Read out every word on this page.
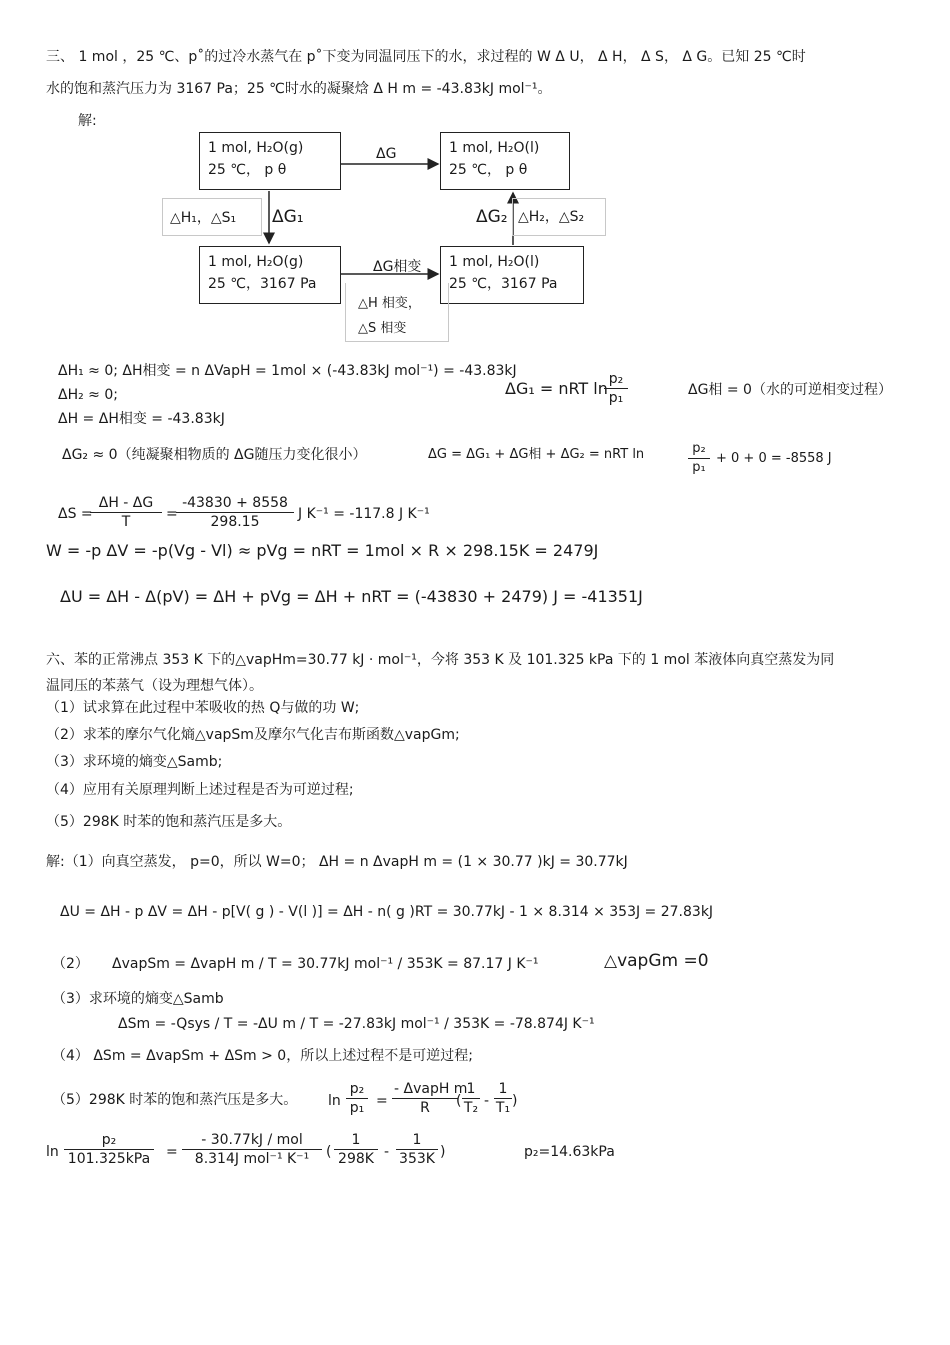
三、 1 mol ，25 ℃、p˚的过冷水蒸气在 p˚下变为同温同压下的水，求过程的 W Δ U， Δ H， Δ S， Δ G。已知 25 ℃时
水的饱和蒸汽压力为 3167 Pa；25 ℃时水的凝聚焓 Δ H m = -43.83kJ mol⁻¹。
解:
1 mol, H₂O(g)
25 ℃， p θ
1 mol, H₂O(l)
25 ℃， p θ
1 mol, H₂O(g)
25 ℃，3167 Pa
1 mol, H₂O(l)
25 ℃，3167 Pa
ΔG
△H₁，△S₁ ΔG₁	ΔG₂ △H₂，△S₂
ΔG相变
△H 相变，
△S 相变
ΔH₁ ≈ 0; ΔH相变 = n ΔVapH = 1mol × (-43.83kJ mol⁻¹) = -43.83kJ
ΔH₂ ≈ 0;
ΔH = ΔH相变 = -43.83kJ
ΔG₁ = nRT ln
$\frac{\text{p₂}}{\text{p₁}}$	ΔG相 = 0（水的可逆相变过程）
ΔG₂ ≈ 0（纯凝聚相物质的 ΔG随压力变化很小）	ΔG = ΔG₁ + ΔG相 + ΔG₂ = nRT ln	$\frac{\text{p₂}}{\text{p₁}} + 0 + 0 = -8558$ J
ΔS =
$\frac{\Delta H - \Delta G}{T}$ =
$\frac{-43830 + 8558}{298.15}$ J K⁻¹ = -117.8 J K⁻¹
W = -p ΔV = -p(Vg - Vl) ≈ pVg = nRT = 1mol × R × 298.15K = 2479J
ΔU = ΔH - Δ(pV) = ΔH + pVg = ΔH + nRT = (-43830 + 2479) J = -41351J
六、苯的正常沸点 353 K 下的△vapHm=30.77 kJ · mol⁻¹，今将 353 K 及 101.325 kPa 下的 1 mol 苯液体向真空蒸发为同
温同压的苯蒸气（设为理想气体）。
（1）试求算在此过程中苯吸收的热 Q与做的功 W;
（2）求苯的摩尔气化熵△vapSm及摩尔气化吉布斯函数△vapGm;
（3）求环境的熵变△Samb;
（4）应用有关原理判断上述过程是否为可逆过程;
（5）298K 时苯的饱和蒸汽压是多大。
解:（1）向真空蒸发， p=0，所以 W=0； ΔH = n ΔvapH m = (1 × 30.77 )kJ = 30.77kJ
ΔU = ΔH - p ΔV = ΔH - p[V( g ) - V(l )] = ΔH - n( g )RT = 30.77kJ - 1 × 8.314 × 353J = 27.83kJ
（2） ΔvapSm = ΔvapH m / T = 30.77kJ mol⁻¹ / 353K = 87.17 J K⁻¹	△vapGm =0
（3）求环境的熵变△Samb
ΔSm = -Qsys / T = -ΔU m / T = -27.83kJ mol⁻¹ / 353K = -78.874J K⁻¹
（4） ΔSm = ΔvapSm + ΔSm > 0，所以上述过程不是可逆过程;
（5）298K 时苯的饱和蒸汽压是多大。 $\ln \frac{\text{p₂}}{\text{p₁}}$ =
- ΔvapH m
R	( $\frac{1}{\text{T₂}} - \frac{1}{\text{T₁}}$ )
ln
p₂
101.325kPa =
- 30.77kJ / mol
8.314J mol⁻¹ K⁻¹	( $\frac{1}{298K} - \frac{1}{353K}$ )	p₂=14.63kPa
